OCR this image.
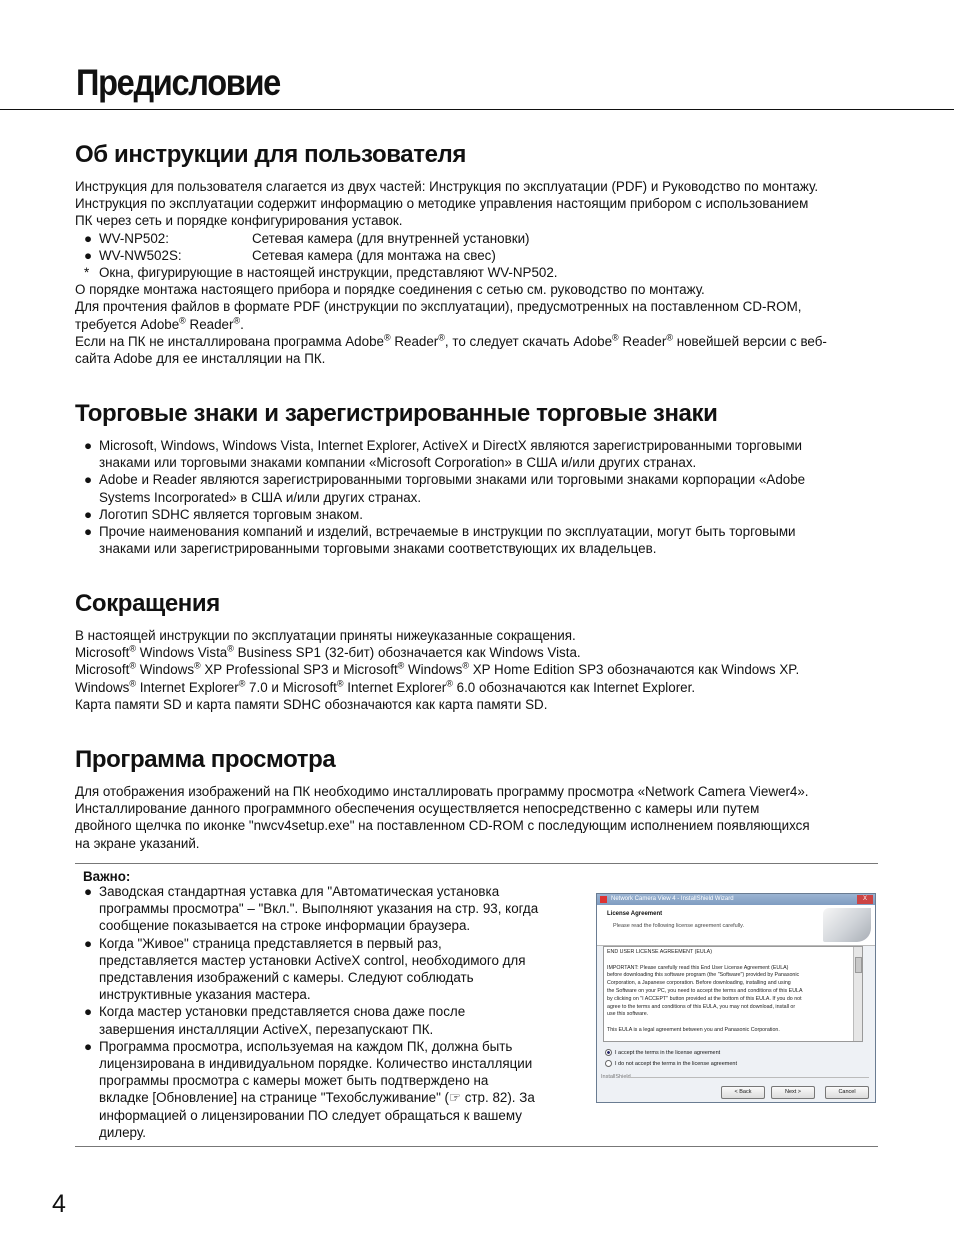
Предисловие
Об инструкции для пользователя
Инструкция для пользователя слагается из двух частей: Инструкция по эксплуатации (PDF) и Руководство по монтажу.
Инструкция по эксплуатации содержит информацию о методике управления настоящим прибором с использованием
ПК через сеть и порядке конфигурирования уставок.
● WV-NP502:	Сетевая камера (для внутренней установки)
● WV-NW502S:	Сетевая камера (для монтажа на свес)
* Окна, фигурирующие в настоящей инструкции, представляют WV-NP502.
О порядке монтажа настоящего прибора и порядке соединения с сетью см. руководство по монтажу.
Для прочтения файлов в формате PDF (инструкции по эксплуатации), предусмотренных на поставленном CD-ROM,
требуется Adobe® Reader®.
Если на ПК не инсталлирована программа Adobe® Reader®, то следует скачать Adobe® Reader® новейшей версии с веб-
сайта Adobe для ее инсталляции на ПК.
Торговые знаки и зарегистрированные торговые знаки
● Microsoft, Windows, Windows Vista, Internet Explorer, ActiveX и DirectX являются зарегистрированными торговыми
знаками или торговыми знаками компании «Microsoft Corporation» в США и/или других странах.
● Adobe и Reader являются зарегистрированными торговыми знаками или торговыми знаками корпорации «Adobe
Systems Incorporated» в США и/или других странах.
● Логотип SDHC является торговым знаком.
● Прочие наименования компаний и изделий, встречаемые в инструкции по эксплуатации, могут быть торговыми
знаками или зарегистрированными торговыми знаками соответствующих их владельцев.
Сокращения
В настоящей инструкции по эксплуатации приняты нижеуказанные сокращения.
Microsoft® Windows Vista® Business SP1 (32-бит) обозначается как Windows Vista.
Microsoft® Windows® XP Professional SP3 и Microsoft® Windows® XP Home Edition SP3 обозначаются как Windows XP.
Windows® Internet Explorer® 7.0 и Microsoft® Internet Explorer® 6.0 обозначаются как Internet Explorer.
Карта памяти SD и карта памяти SDHC обозначаются как карта памяти SD.
Программа просмотра
Для отображения изображений на ПК необходимо инсталлировать программу просмотра «Network Camera Viewer4».
Инсталлирование данного программного обеспечения осуществляется непосредственно с камеры или путем
двойного щелчка по иконке "nwcv4setup.exe" на поставленном CD-ROM с последующим исполнением появляющихся
на экране указаний.
Важно:
● Заводская стандартная уставка для "Автоматическая установка
программы просмотра" – "Вкл.". Выполняют указания на стр. 93, когда
сообщение показывается на строке информации браузера.
● Когда "Живое" страница представляется в первый раз,
представляется мастер установки ActiveX control, необходимого для
представления изображений с камеры. Следуют соблюдать
инструктивные указания мастера.
● Когда мастер установки представляется снова даже после
завершения инсталляции ActiveX, перезапускают ПК.
● Программа просмотра, используемая на каждом ПК, должна быть
лицензирована в индивидуальном порядке. Количество инсталляции
программы просмотра с камеры может быть подтверждено на
вкладке [Обновление] на странице "Техобслуживание" (☞ стр. 82). За
информацией о лицензировании ПО следует обращаться к вашему
дилеру.
Network Camera View 4 - InstallShield Wizard	X
License Agreement
Please read the following license agreement carefully.
END USER LICENSE AGREEMENT (EULA)

IMPORTANT: Please carefully read this End User License Agreement (EULA)
before downloading this software program (the "Software") provided by Panasonic
Corporation, a Japanese corporation. Before downloading, installing and using
the Software on your PC, you need to accept the terms and conditions of this EULA
by clicking on "I ACCEPT" button provided at the bottom of this EULA. If you do not
agree to the terms and conditions of this EULA, you may not download, install or
use this software.

This EULA is a legal agreement between you and Panasonic Corporation.
I accept the terms in the license agreement
I do not accept the terms in the license agreement
InstallShield
< Back	Next >	Cancel
4
